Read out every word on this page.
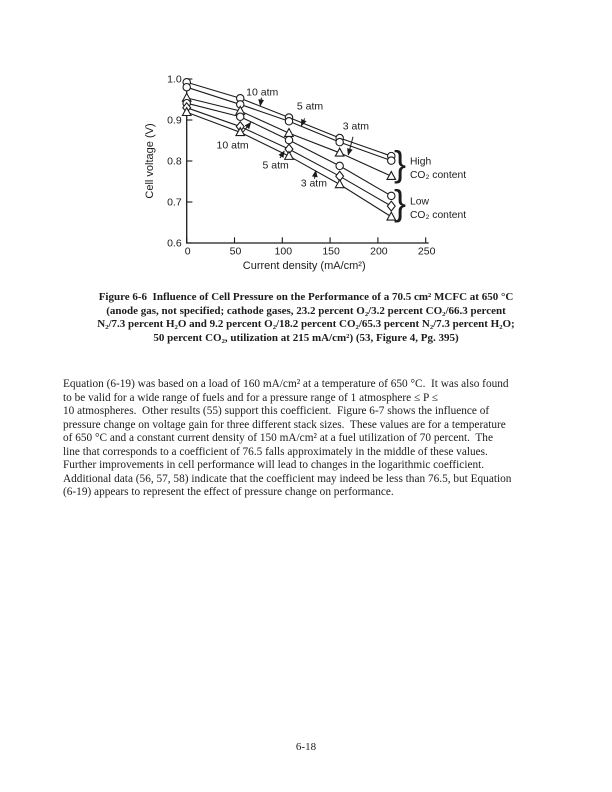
0	50	100	150	200	250
0.6
0.7
0.8
0.9
1.0
Current density (mA/cm²)
Cell voltage (V)
10 atm
5 atm
3 atm
10 atm
5 atm
3 atm } High
CO₂ content
} Low
CO₂ content
Figure 6-6  Influence of Cell Pressure on the Performance of a 70.5 cm² MCFC at 650 °C
(anode gas, not specified; cathode gases, 23.2 percent O₂/3.2 percent CO₂/66.3 percent
N₂/7.3 percent H₂O and 9.2 percent O₂/18.2 percent CO₂/65.3 percent N₂/7.3 percent H₂O;
50 percent CO₂, utilization at 215 mA/cm²) (53, Figure 4, Pg. 395)
Equation (6-19) was based on a load of 160 mA/cm² at a temperature of 650 °C.  It was also found
to be valid for a wide range of fuels and for a pressure range of 1 atmosphere ≤ P ≤
10 atmospheres.  Other results (55) support this coefficient.  Figure 6-7 shows the influence of
pressure change on voltage gain for three different stack sizes.  These values are for a temperature
of 650 °C and a constant current density of 150 mA/cm² at a fuel utilization of 70 percent.  The
line that corresponds to a coefficient of 76.5 falls approximately in the middle of these values.
Further improvements in cell performance will lead to changes in the logarithmic coefficient.
Additional data (56, 57, 58) indicate that the coefficient may indeed be less than 76.5, but Equation
(6-19) appears to represent the effect of pressure change on performance.
6-18
